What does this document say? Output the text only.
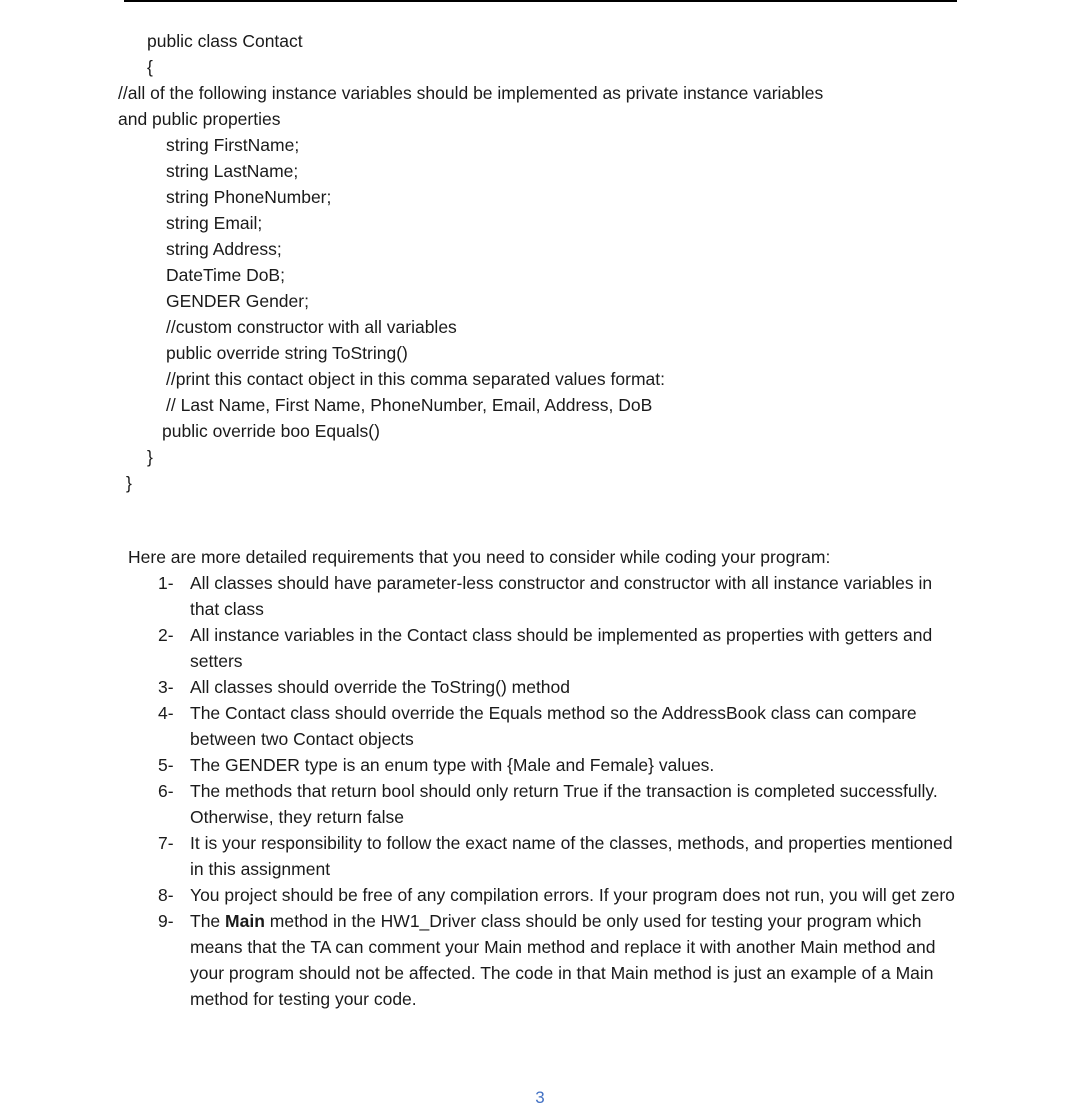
public class Contact
{
//all of the following instance variables should be implemented as private instance variables
and public properties
string FirstName;
string LastName;
string PhoneNumber;
string Email;
string Address;
DateTime DoB;
GENDER Gender;
//custom constructor with all variables
public override string ToString()
//print this contact object in this comma separated values format:
// Last Name, First Name, PhoneNumber, Email, Address, DoB
public override boo Equals()
}
}
Here are more detailed requirements that you need to consider while coding your program:
1- All classes should have parameter-less constructor and constructor with all instance variables in that class
2- All instance variables in the Contact class should be implemented as properties with getters and setters
3- All classes should override the ToString() method
4- The Contact class should override the Equals method so the AddressBook class can compare between two Contact objects
5- The GENDER type is an enum type with {Male and Female} values.
6- The methods that return bool should only return True if the transaction is completed successfully. Otherwise, they return false
7- It is your responsibility to follow the exact name of the classes, methods, and properties mentioned in this assignment
8- You project should be free of any compilation errors. If your program does not run, you will get zero
9- The Main method in the HW1_Driver class should be only used for testing your program which means that the TA can comment your Main method and replace it with another Main method and your program should not be affected. The code in that Main method is just an example of a Main method for testing your code.
3
